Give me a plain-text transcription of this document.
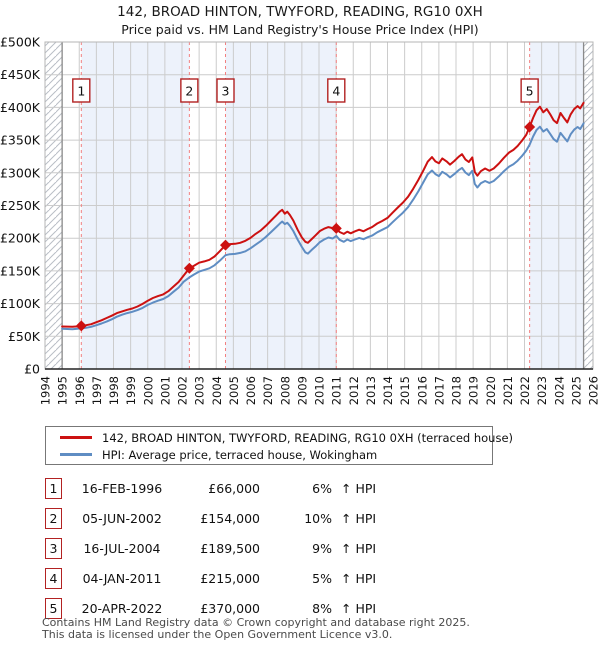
142, BROAD HINTON, TWYFORD, READING, RG10 0XH
Price paid vs. HM Land Registry's House Price Index (HPI)
1	2 3	4	5
£0
£50K
£100K
£150K
£200K
£250K
£300K
£350K
£400K
£450K
£500K
1994 1995 1996 1997 1998 1999 2000 2001 2002 2003 2004 2005 2006 2007 2008 2009 2010 2011 2012 2013 2014 2015 2016 2017 2018 2019 2020 2021 2022 2023 2024 2025 2026
142, BROAD HINTON, TWYFORD, READING, RG10 0XH (terraced house)
HPI: Average price, terraced house, Wokingham
1	16-FEB-1996	£66,000	6% ↑ HPI
2	05-JUN-2002	£154,000	10% ↑ HPI
3	16-JUL-2004	£189,500	9% ↑ HPI
4	04-JAN-2011	£215,000	5% ↑ HPI
5	20-APR-2022	£370,000	8% ↑ HPI
Contains HM Land Registry data © Crown copyright and database right 2025.
This data is licensed under the Open Government Licence v3.0.
